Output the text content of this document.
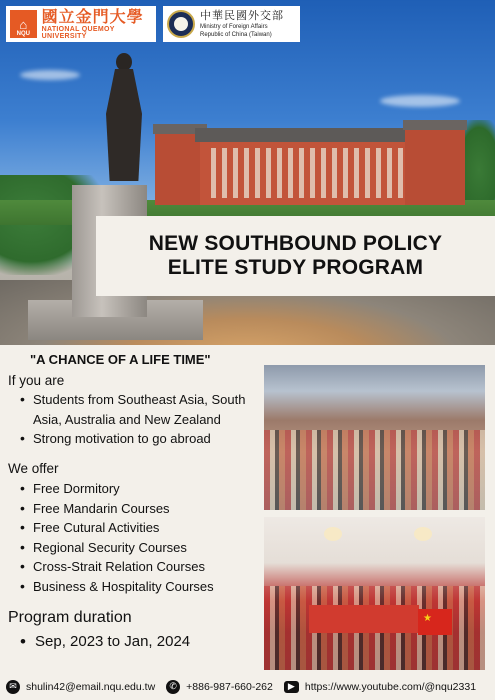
⌂
NQU
國立金門大學
NATIONAL QUEMOY UNIVERSITY
中華民國外交部
Ministry of Foreign Affairs
Republic of China (Taiwan)
NEW SOUTHBOUND POLICY
ELITE STUDY PROGRAM
"A CHANCE OF A LIFE TIME"
If you are
• Students from Southeast Asia, South
Asia, Australia and New Zealand
• Strong motivation to go abroad
We offer
• Free Dormitory
• Free Mandarin Courses
• Free Cutural Activities
• Regional Security Courses
• Cross-Strait Relation Courses
• Business & Hospitality Courses
Program duration
• Sep, 2023 to Jan, 2024
★
✉ shulin42@email.nqu.edu.tw	✆ +886-987-660-262	▶ https://www.youtube.com/@nqu2331
